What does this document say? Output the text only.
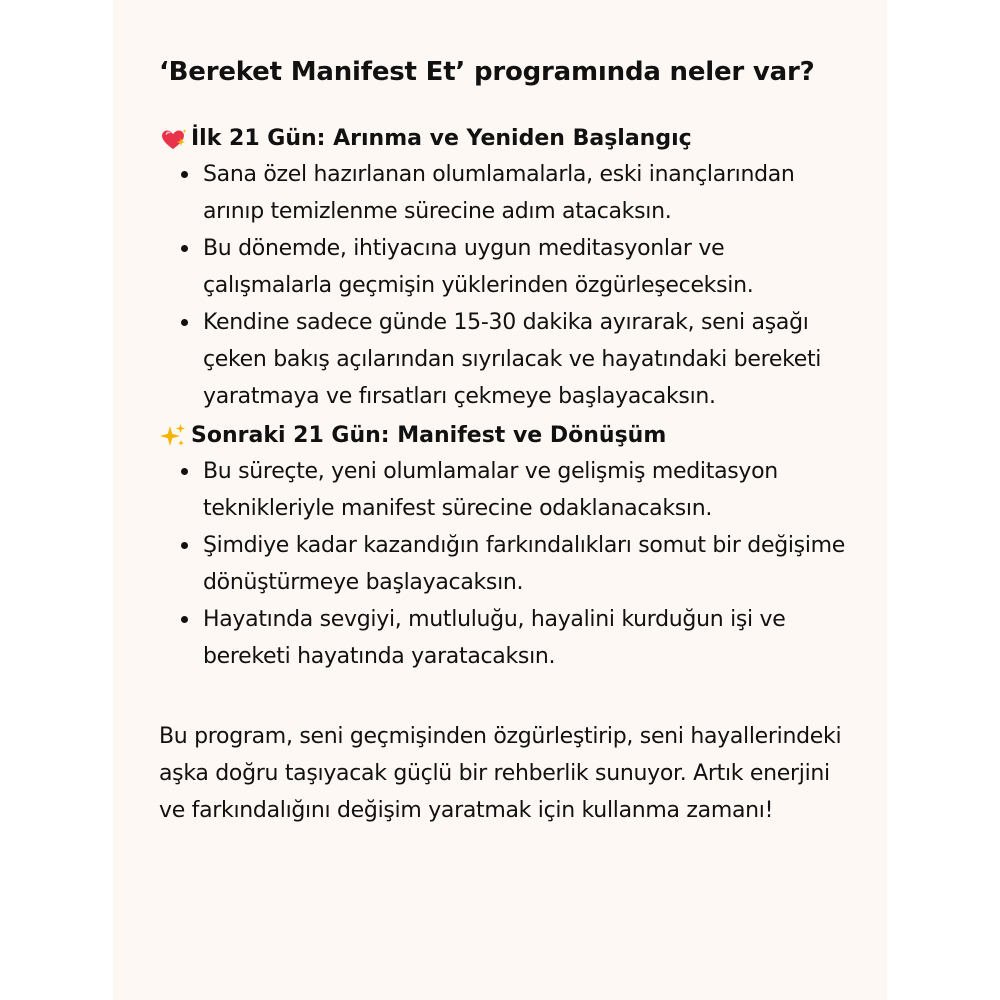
‘Bereket Manifest Et’ programında neler var?
İlk 21 Gün: Arınma ve Yeniden Başlangıç
Sana özel hazırlanan olumlamalarla, eski inançlarından arınıp temizlenme sürecine adım atacaksın.
Bu dönemde, ihtiyacına uygun meditasyonlar ve çalışmalarla geçmişin yüklerinden özgürleşeceksin.
Kendine sadece günde 15-30 dakika ayırarak, seni aşağı çeken bakış açılarından sıyrılacak ve hayatındaki bereketi yaratmaya ve fırsatları çekmeye başlayacaksın.
Sonraki 21 Gün: Manifest ve Dönüşüm
Bu süreçte, yeni olumlamalar ve gelişmiş meditasyon teknikleriyle manifest sürecine odaklanacaksın.
Şimdiye kadar kazandığın farkındalıkları somut bir değişime dönüştürmeye başlayacaksın.
Hayatında sevgiyi, mutluluğu, hayalini kurduğun işi ve bereketi hayatında yaratacaksın.

Bu program, seni geçmişinden özgürleştirip, seni hayallerindeki aşka doğru taşıyacak güçlü bir rehberlik sunuyor. Artık enerjini ve farkındalığını değişim yaratmak için kullanma zamanı!
